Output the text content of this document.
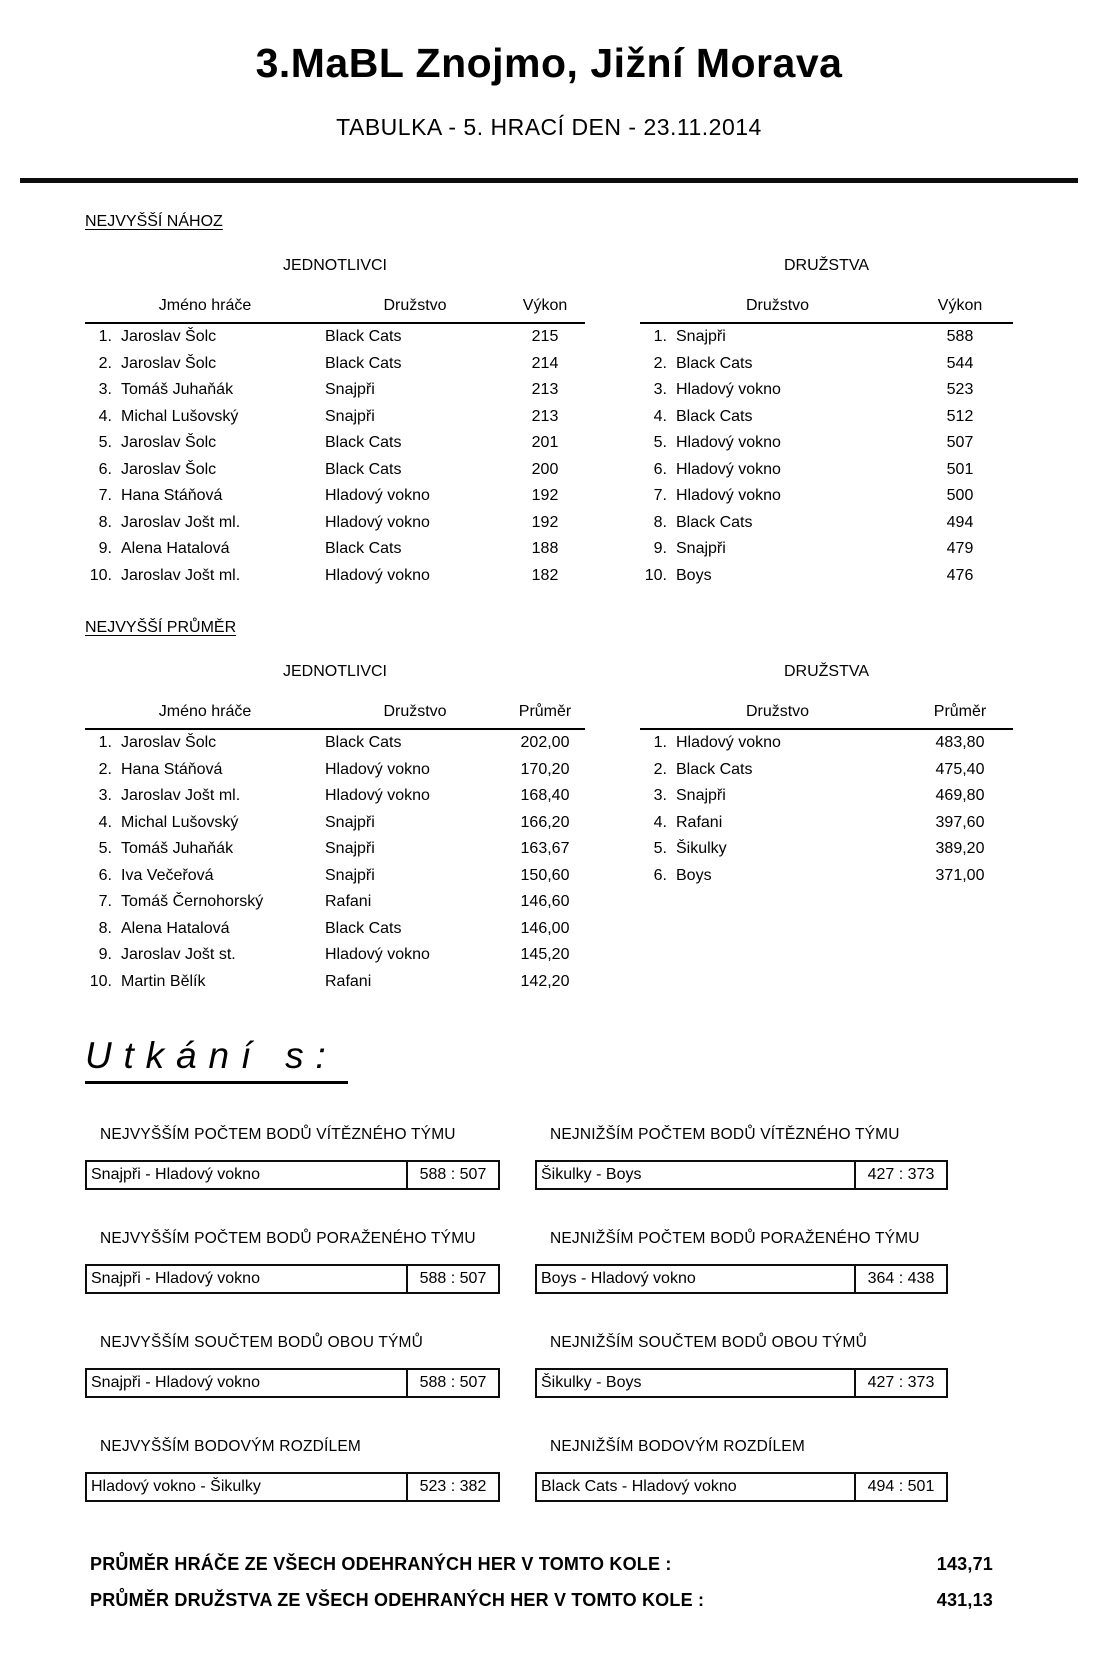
3.MaBL Znojmo, Jižní Morava
TABULKA - 5. HRACÍ DEN - 23.11.2014
NEJVYŠŠÍ NÁHOZ
JEDNOTLIVCI
Jméno hráče	Družstvo	Výkon
1. Jaroslav Šolc	Black Cats	215
2. Jaroslav Šolc	Black Cats	214
3. Tomáš Juhaňák	Snajpři	213
4. Michal Lušovský	Snajpři	213
5. Jaroslav Šolc	Black Cats	201
6. Jaroslav Šolc	Black Cats	200
7. Hana Stáňová	Hladový vokno	192
8. Jaroslav Jošt ml.	Hladový vokno	192
9. Alena Hatalová	Black Cats	188
10. Jaroslav Jošt ml.	Hladový vokno	182
DRUŽSTVA
Družstvo	Výkon
1. Snajpři	588
2. Black Cats	544
3. Hladový vokno	523
4. Black Cats	512
5. Hladový vokno	507
6. Hladový vokno	501
7. Hladový vokno	500
8. Black Cats	494
9. Snajpři	479
10. Boys	476
NEJVYŠŠÍ PRŮMĚR
JEDNOTLIVCI
Jméno hráče	Družstvo	Průměr
1. Jaroslav Šolc	Black Cats	202,00
2. Hana Stáňová	Hladový vokno	170,20
3. Jaroslav Jošt ml.	Hladový vokno	168,40
4. Michal Lušovský	Snajpři	166,20
5. Tomáš Juhaňák	Snajpři	163,67
6. Iva Večeřová	Snajpři	150,60
7. Tomáš Černohorský	Rafani	146,60
8. Alena Hatalová	Black Cats	146,00
9. Jaroslav Jošt st.	Hladový vokno	145,20
10. Martin Bělík	Rafani	142,20
DRUŽSTVA
Družstvo	Průměr
1. Hladový vokno	483,80
2. Black Cats	475,40
3. Snajpři	469,80
4. Rafani	397,60
5. Šikulky	389,20
6. Boys	371,00
Utkání s:
NEJVYŠŠÍM POČTEM BODŮ VÍTĚZNÉHO TÝMU
Snajpři - Hladový vokno	588 : 507
NEJNIŽŠÍM POČTEM BODŮ VÍTĚZNÉHO TÝMU
Šikulky - Boys	427 : 373
NEJVYŠŠÍM POČTEM BODŮ PORAŽENÉHO TÝMU
Snajpři - Hladový vokno	588 : 507
NEJNIŽŠÍM POČTEM BODŮ PORAŽENÉHO TÝMU
Boys - Hladový vokno	364 : 438
NEJVYŠŠÍM SOUČTEM BODŮ OBOU TÝMŮ
Snajpři - Hladový vokno	588 : 507
NEJNIŽŠÍM SOUČTEM BODŮ OBOU TÝMŮ
Šikulky - Boys	427 : 373
NEJVYŠŠÍM BODOVÝM ROZDÍLEM
Hladový vokno - Šikulky	523 : 382
NEJNIŽŠÍM BODOVÝM ROZDÍLEM
Black Cats - Hladový vokno	494 : 501
PRŮMĚR HRÁČE ZE VŠECH ODEHRANÝCH HER V TOMTO KOLE :	143,71
PRŮMĚR DRUŽSTVA ZE VŠECH ODEHRANÝCH HER V TOMTO KOLE :	431,13
